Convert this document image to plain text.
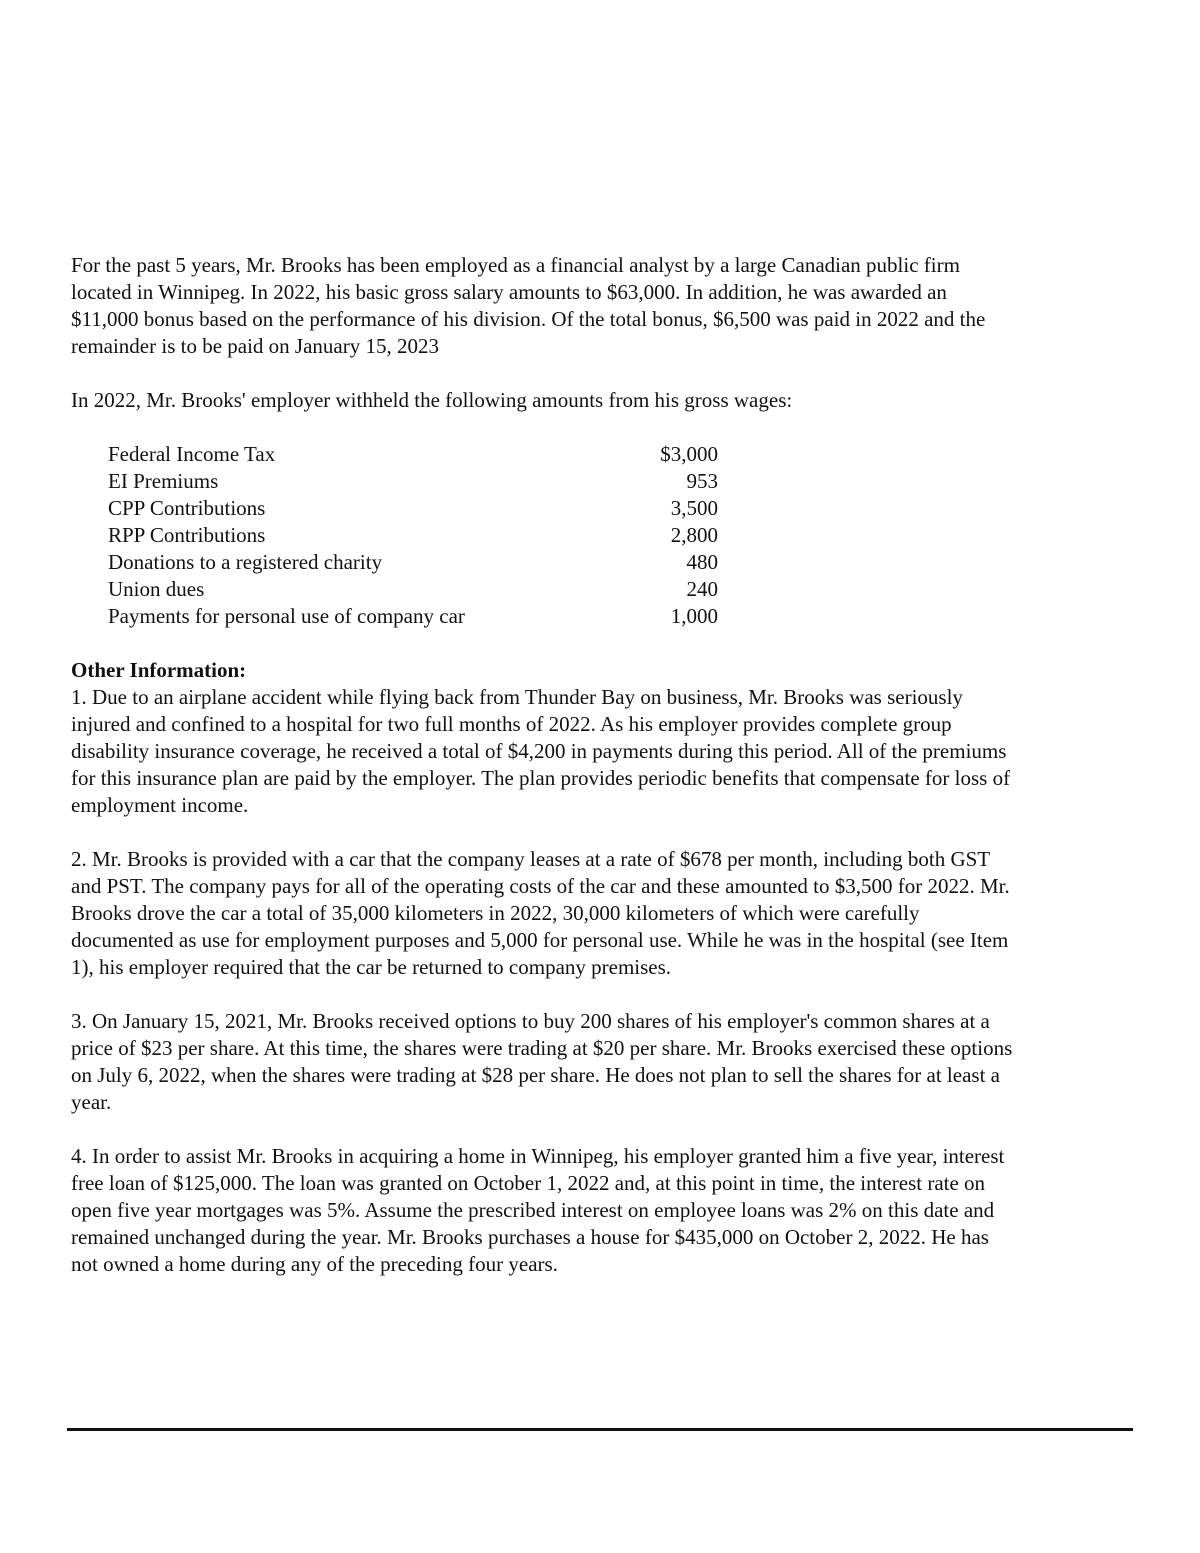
For the past 5 years, Mr. Brooks has been employed as a financial analyst by a large Canadian public firm
located in Winnipeg. In 2022, his basic gross salary amounts to $63,000. In addition, he was awarded an
$11,000 bonus based on the performance of his division. Of the total bonus, $6,500 was paid in 2022 and the
remainder is to be paid on January 15, 2023

In 2022, Mr. Brooks' employer withheld the following amounts from his gross wages:

Federal Income Tax	$3,000
EI Premiums	953
CPP Contributions	3,500
RPP Contributions	2,800
Donations to a registered charity	480
Union dues	240
Payments for personal use of company car	1,000
Other Information:

1. Due to an airplane accident while flying back from Thunder Bay on business, Mr. Brooks was seriously
injured and confined to a hospital for two full months of 2022. As his employer provides complete group
disability insurance coverage, he received a total of $4,200 in payments during this period. All of the premiums
for this insurance plan are paid by the employer. The plan provides periodic benefits that compensate for loss of
employment income.

2. Mr. Brooks is provided with a car that the company leases at a rate of $678 per month, including both GST
and PST. The company pays for all of the operating costs of the car and these amounted to $3,500 for 2022. Mr.
Brooks drove the car a total of 35,000 kilometers in 2022, 30,000 kilometers of which were carefully
documented as use for employment purposes and 5,000 for personal use. While he was in the hospital (see Item
1), his employer required that the car be returned to company premises.

3. On January 15, 2021, Mr. Brooks received options to buy 200 shares of his employer's common shares at a
price of $23 per share. At this time, the shares were trading at $20 per share. Mr. Brooks exercised these options
on July 6, 2022, when the shares were trading at $28 per share. He does not plan to sell the shares for at least a
year.

4. In order to assist Mr. Brooks in acquiring a home in Winnipeg, his employer granted him a five year, interest
free loan of $125,000. The loan was granted on October 1, 2022 and, at this point in time, the interest rate on
open five year mortgages was 5%. Assume the prescribed interest on employee loans was 2% on this date and
remained unchanged during the year. Mr. Brooks purchases a house for $435,000 on October 2, 2022. He has
not owned a home during any of the preceding four years.
